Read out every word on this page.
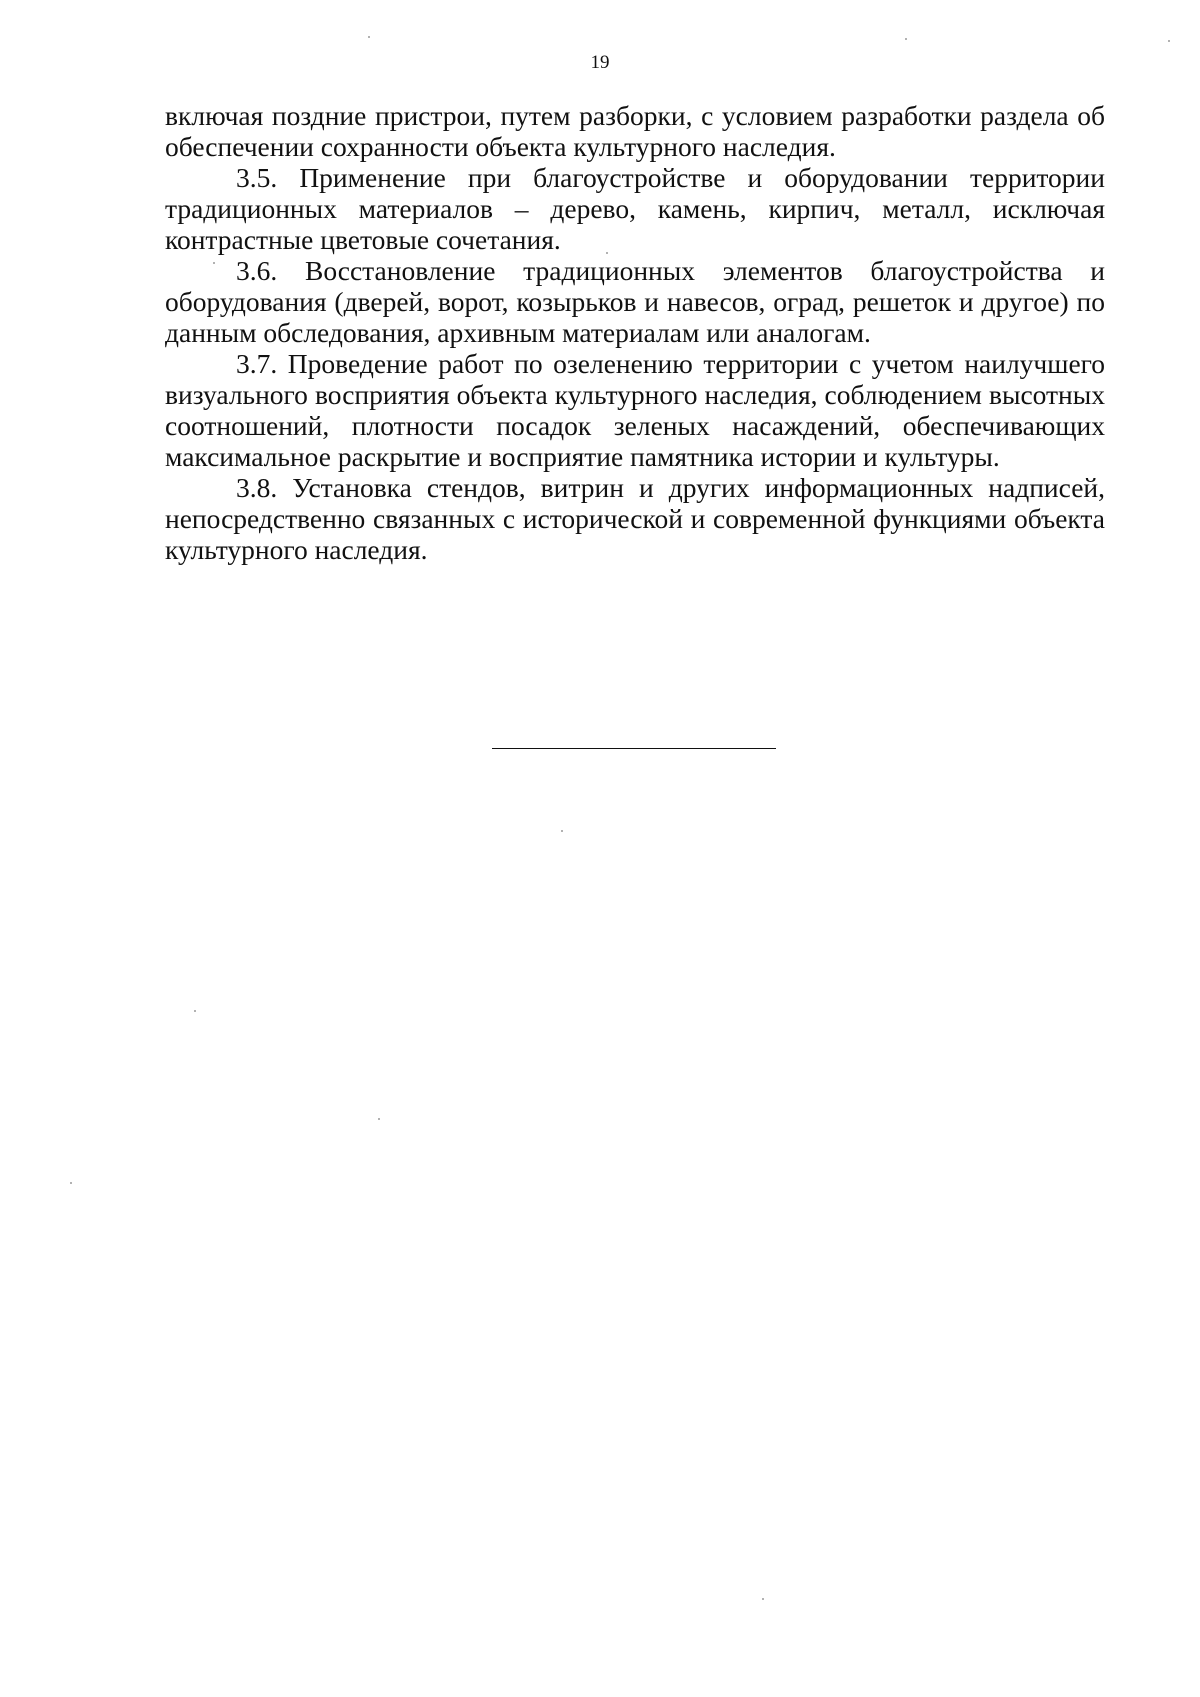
19

включая поздние пристрои, путем разборки, с условием разработки раздела об обеспечении сохранности объекта культурного наследия.

3.5. Применение при благоустройстве и оборудовании территории традиционных материалов – дерево, камень, кирпич, металл, исключая контрастные цветовые сочетания.

3.6. Восстановление традиционных элементов благоустройства и оборудования (дверей, ворот, козырьков и навесов, оград, решеток и другое) по данным обследования, архивным материалам или аналогам.

3.7. Проведение работ по озеленению территории с учетом наилучшего визуального восприятия объекта культурного наследия, соблюдением высотных соотношений, плотности посадок зеленых насаждений, обеспечивающих максимальное раскрытие и восприятие памятника истории и культуры.

3.8. Установка стендов, витрин и других информационных надписей, непосредственно связанных с исторической и современной функциями объекта культурного наследия.
